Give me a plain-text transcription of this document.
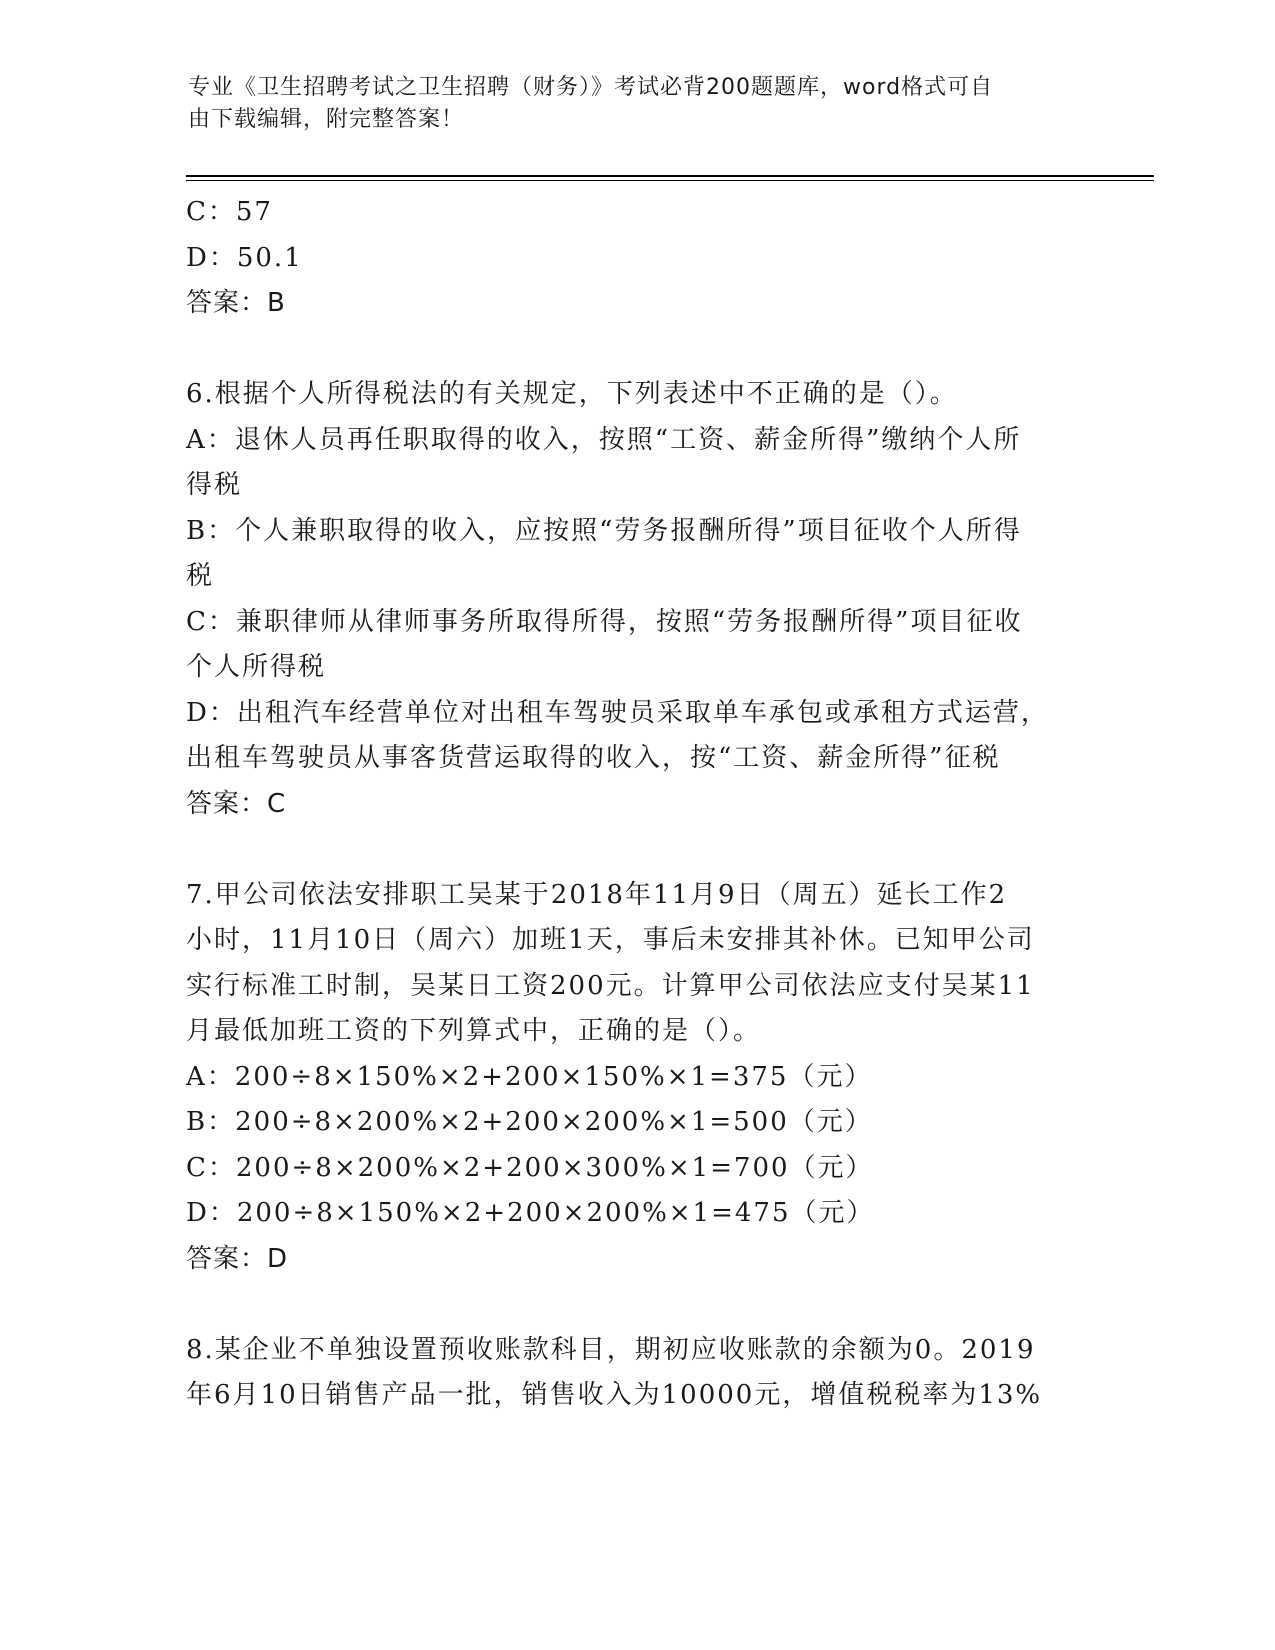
专业《卫生招聘考试之卫生招聘（财务）》考试必背200题题库，word格式可自
由下载编辑，附完整答案！
C：57
D：50.1
答案：B
6.根据个人所得税法的有关规定，下列表述中不正确的是（）。
A：退休人员再任职取得的收入，按照“工资、薪金所得”缴纳个人所
得税
B：个人兼职取得的收入，应按照“劳务报酬所得”项目征收个人所得
税
C：兼职律师从律师事务所取得所得，按照“劳务报酬所得”项目征收
个人所得税
D：出租汽车经营单位对出租车驾驶员采取单车承包或承租方式运营，
出租车驾驶员从事客货营运取得的收入，按“工资、薪金所得”征税
答案：C
7.甲公司依法安排职工吴某于2018年11月9日（周五）延长工作2
小时，11月10日（周六）加班1天，事后未安排其补休。已知甲公司
实行标准工时制，吴某日工资200元。计算甲公司依法应支付吴某11
月最低加班工资的下列算式中，正确的是（）。
A：200÷8×150%×2+200×150%×1=375（元）
B：200÷8×200%×2+200×200%×1=500（元）
C：200÷8×200%×2+200×300%×1=700（元）
D：200÷8×150%×2+200×200%×1=475（元）
答案：D
8.某企业不单独设置预收账款科目，期初应收账款的余额为0。2019
年6月10日销售产品一批，销售收入为10000元，增值税税率为13%
